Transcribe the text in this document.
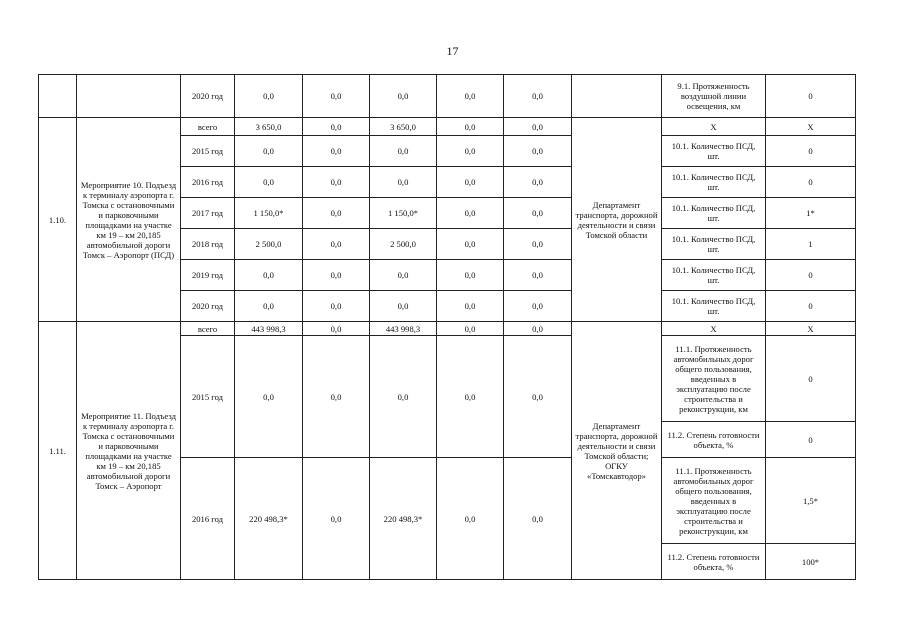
17
		2020 год	0,0	0,0	0,0	0,0	0,0		9.1. Протяженность воздушной линии освещения, км	0
1.10.	Мероприятие 10. Подъезд к терминалу аэропорта г. Томска с остановочными и парковочными площадками на участке км 19 – км 20,185 автомобильной дороги Томск – Аэропорт (ПСД)	всего	3 650,0	0,0	3 650,0	0,0	0,0	Департамент транспорта, дорожной деятельности и связи Томской области	Х	Х
		2015 год	0,0	0,0	0,0	0,0	0,0		10.1. Количество ПСД, шт.	0
		2016 год	0,0	0,0	0,0	0,0	0,0		10.1. Количество ПСД, шт.	0
		2017 год	1 150,0*	0,0	1 150,0*	0,0	0,0		10.1. Количество ПСД, шт.	1*
		2018 год	2 500,0	0,0	2 500,0	0,0	0,0		10.1. Количество ПСД, шт.	1
		2019 год	0,0	0,0	0,0	0,0	0,0		10.1. Количество ПСД, шт.	0
		2020 год	0,0	0,0	0,0	0,0	0,0		10.1. Количество ПСД, шт.	0
1.11.	Мероприятие 11. Подъезд к терминалу аэропорта г. Томска с остановочными и парковочными площадками на участке км 19 – км 20,185 автомобильной дороги Томск – Аэропорт	всего	443 998,3	0,0	443 998,3	0,0	0,0	Департамент транспорта, дорожной деятельности и связи Томской области; ОГКУ «Томскавтодор»	Х	Х
		2015 год	0,0	0,0	0,0	0,0	0,0		11.1. Протяженность автомобильных дорог общего пользования, введенных в эксплуатацию после строительства и реконструкции, км	0
									11.2. Степень готовности объекта, %	0
		2016 год	220 498,3*	0,0	220 498,3*	0,0	0,0		11.1. Протяженность автомобильных дорог общего пользования, введенных в эксплуатацию после строительства и реконструкции, км	1,5*
									11.2. Степень готовности объекта, %	100*
